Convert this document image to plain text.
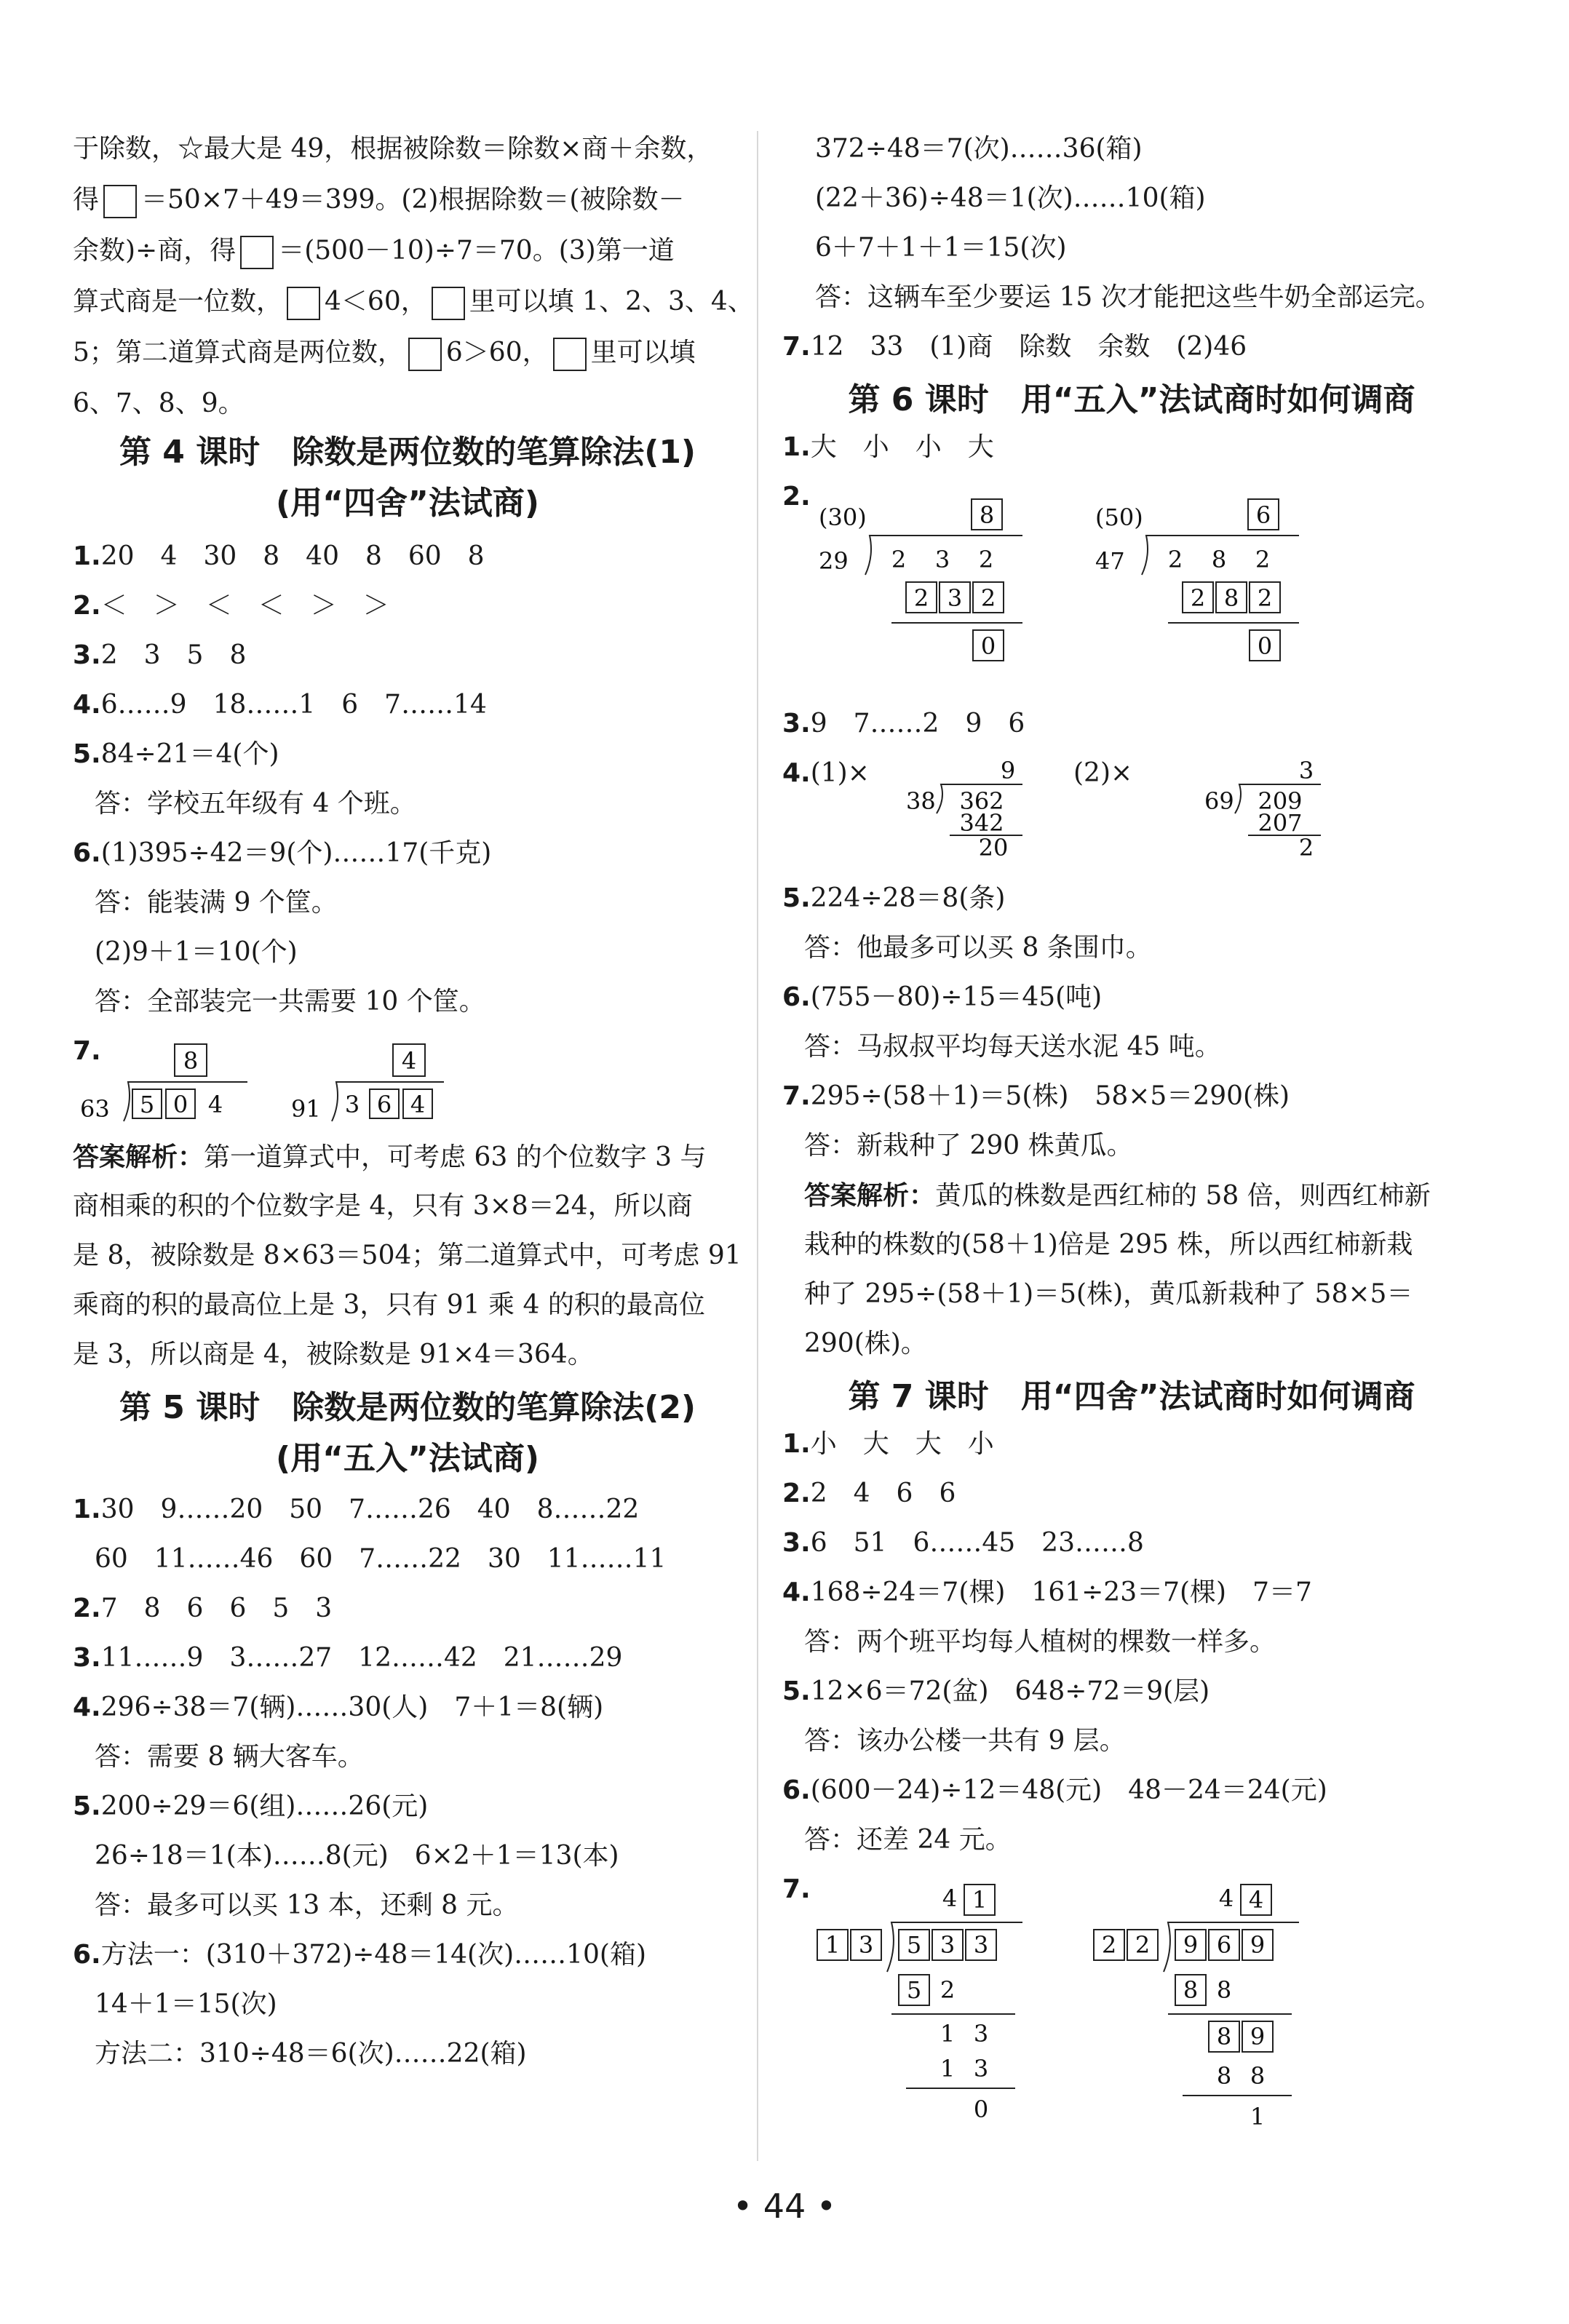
于除数，☆最大是 49，根据被除数＝除数×商＋余数，
得 ＝50×7＋49＝399。(2)根据除数＝(被除数－
余数)÷商，得 ＝(500－10)÷7＝70。(3)第一道
算式商是一位数， 4＜60， 里可以填 1、2、3、4、
5；第二道算式商是两位数， 6＞60， 里可以填
6、7、8、9。
第 4 课时　除数是两位数的笔算除法(1)
(用“四舍”法试商)
1.20　4　30　8　40　8　60　8
2.＜　＞　＜　＜　＞　＞
3.2　3　5　8
4.6……9　18……1　6　7……14
5.84÷21＝4(个)
答：学校五年级有 4 个班。
6.(1)395÷42＝9(个)……17(千克)
答：能装满 9 个筐。
(2)9＋1＝10(个)
答：全部装完一共需要 10 个筐。
7.	8
63 5 0 4
4
91 3 6 4
答案解析：第一道算式中，可考虑 63 的个位数字 3 与
商相乘的积的个位数字是 4，只有 3×8＝24，所以商
是 8，被除数是 8×63＝504；第二道算式中，可考虑 91
乘商的积的最高位上是 3，只有 91 乘 4 的积的最高位
是 3，所以商是 4，被除数是 91×4＝364。
第 5 课时　除数是两位数的笔算除法(2)
(用“五入”法试商)
1.30　9……20　50　7……26　40　8……22
60　11……46　60　7……22　30　11……11
2.7　8　6　6　5　3
3.11……9　3……27　12……42　21……29
4.296÷38＝7(辆)……30(人)　7＋1＝8(辆)
答：需要 8 辆大客车。
5.200÷29＝6(组)……26(元)
26÷18＝1(本)……8(元)　6×2＋1＝13(本)
答：最多可以买 13 本，还剩 8 元。
6.方法一：(310＋372)÷48＝14(次)……10(箱)
14＋1＝15(次)
方法二：310÷48＝6(次)……22(箱)
372÷48＝7(次)……36(箱)
(22＋36)÷48＝1(次)……10(箱)
6＋7＋1＋1＝15(次)
答：这辆车至少要运 15 次才能把这些牛奶全部运完。
7.12　33　(1)商　除数　余数　(2)46
第 6 课时　用“五入”法试商时如何调商
1.大　小　小　大
2.
(30)	8
29 2 3 2
2 3 2
0
(50)	6
47 2 8 2
2 8 2
0
3.9　7……2　9　6
4.(1)×	(2)×
9
38 362
342
20
3
69 209
207
2
5.224÷28＝8(条)
答：他最多可以买 8 条围巾。
6.(755－80)÷15＝45(吨)
答：马叔叔平均每天送水泥 45 吨。
7.295÷(58＋1)＝5(株)　58×5＝290(株)
答：新栽种了 290 株黄瓜。
答案解析：黄瓜的株数是西红柿的 58 倍，则西红柿新
栽种的株数的(58＋1)倍是 295 株，所以西红柿新栽
种了 295÷(58＋1)＝5(株)，黄瓜新栽种了 58×5＝
290(株)。
第 7 课时　用“四舍”法试商时如何调商
1.小　大　大　小
2.2　4　6　6
3.6　51　6……45　23……8
4.168÷24＝7(棵)　161÷23＝7(棵)　7＝7
答：两个班平均每人植树的棵数一样多。
5.12×6＝72(盆)　648÷72＝9(层)
答：该办公楼一共有 9 层。
6.(600－24)÷12＝48(元)　48－24＝24(元)
答：还差 24 元。
7.	4 1
1 3 5 3 3
5 2
1 3
1 3
0
4 4
2 2 9 6 9
8 8
8 9
8 8
1
• 44 •
